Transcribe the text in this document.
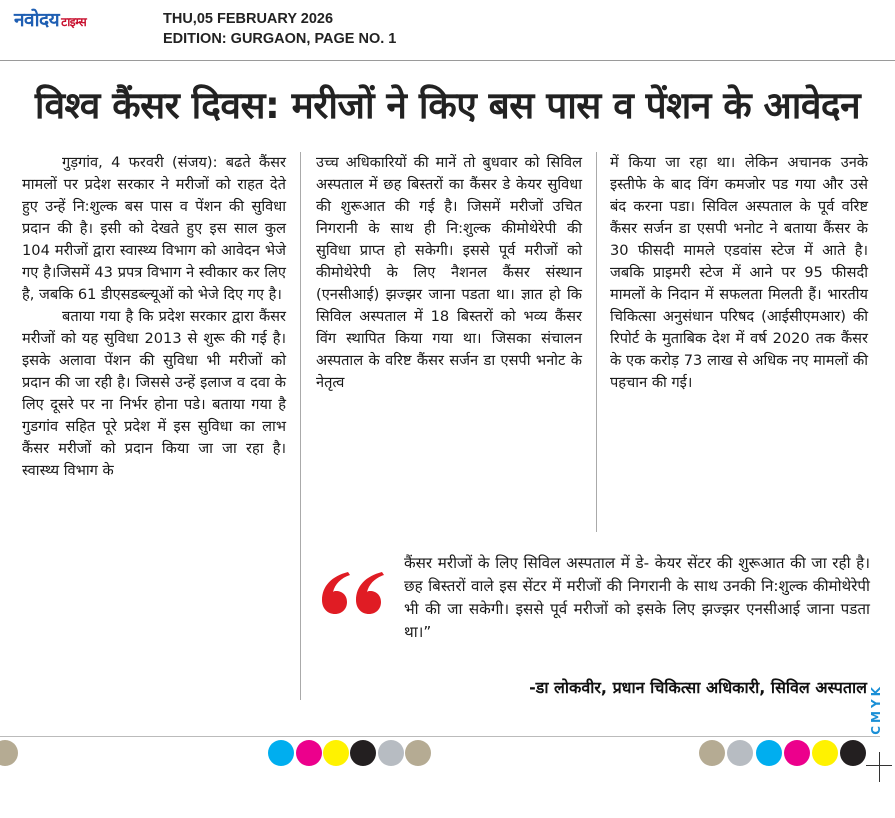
नवोदय टाइम्स	THU,05 FEBRUARY 2026
EDITION: GURGAON, PAGE NO. 1
विश्व कैंसर दिवस: मरीजों ने किए बस पास व पेंशन के आवेदन

गुड़गांव, 4 फरवरी (संजय): बढते कैंसर मामलों पर प्रदेश सरकार ने मरीजों को राहत देते हुए उन्हें नि:शुल्क बस पास व पेंशन की सुविधा प्रदान की है। इसी को देखते हुए इस साल कुल 104 मरीजों द्वारा स्वास्थ्य विभाग को आवेदन भेजे गए है।जिसमें 43 प्रपत्र विभाग ने स्वीकार कर लिए है, जबकि 61 डीएसडब्ल्यूओं को भेजे दिए गए है।

बताया गया है कि प्रदेश सरकार द्वारा कैंसर मरीजों को यह सुविधा 2013 से शुरू की गई है। इसके अलावा पेंशन की सुविधा भी मरीजों को प्रदान की जा रही है। जिससे उन्हें इलाज व दवा के लिए दूसरे पर ना निर्भर होना पडे। बताया गया है गुडगांव सहित पूरे प्रदेश में इस सुविधा का लाभ कैंसर मरीजों को प्रदान किया जा जा रहा है। स्वास्थ्य विभाग के

उच्च अधिकारियों की मानें तो बुधवार को सिविल अस्पताल में छह बिस्तरों का कैंसर डे केयर सुविधा की शुरूआत की गई है। जिसमें मरीजों उचित निगरानी के साथ ही नि:शुल्क कीमोथेरेपी की सुविधा प्राप्त हो सकेगी। इससे पूर्व मरीजों को कीमोथेरेपी के लिए नैशनल कैंसर संस्थान (एनसीआई) झज्झर जाना पडता था। ज्ञात हो कि सिविल अस्पताल में 18 बिस्तरों को भव्य कैंसर विंग स्थापित किया गया था। जिसका संचालन अस्पताल के वरिष्ट कैंसर सर्जन डा एसपी भनोट के नेतृत्व

में किया जा रहा था। लेकिन अचानक उनके इस्तीफे के बाद विंग कमजोर पड गया और उसे बंद करना पडा। सिविल अस्पताल के पूर्व वरिष्ट कैंसर सर्जन डा एसपी भनोट ने बताया कैंसर के 30 फीसदी मामले एडवांस स्टेज में आते है।जबकि प्राइमरी स्टेज में आने पर 95 फीसदी मामलों के निदान में सफलता मिलती हैं। भारतीय चिकित्सा अनुसंधान परिषद (आईसीएमआर) की रिपोर्ट के मुताबिक देश में वर्ष 2020 तक कैंसर के एक करोड़ 73 लाख से अधिक नए मामलों की पहचान की गई।

कैंसर मरीजों के लिए सिविल अस्पताल में डे- केयर सेंटर की शुरूआत की जा रही है। छह बिस्तरों वाले इस सेंटर में मरीजों की निगरानी के साथ उनकी नि:शुल्क कीमोथेरेपी भी की जा सकेगी। इससे पूर्व मरीजों को इसके लिए झज्झर एनसीआई जाना पडता था।”
-डा लोकवीर, प्रधान चिकित्सा अधिकारी, सिविल अस्पताल CMYK
